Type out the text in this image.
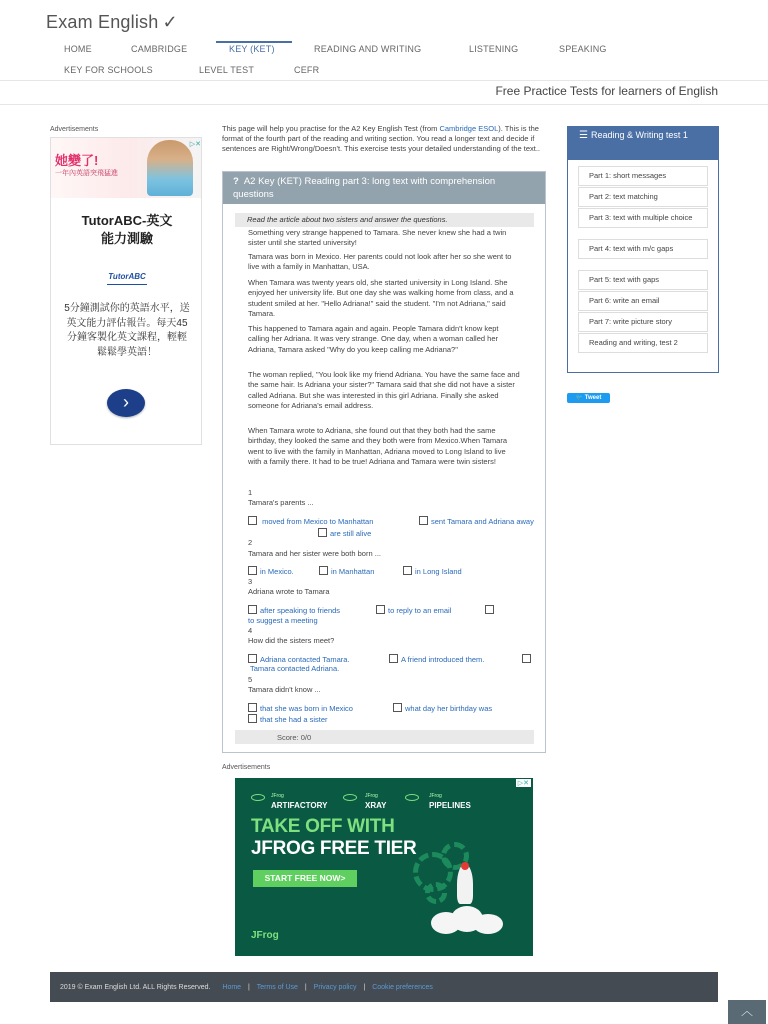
Exam English ✓
HOME	CAMBRIDGE	KEY (KET)	READING AND WRITING	LISTENING	SPEAKING
KEY FOR SCHOOLS	LEVEL TEST	CEFR
Free Practice Tests for learners of English
Advertisements
她變了!
一年內英語突飛猛進
▷✕
TutorABC-英文
能力測驗
TutorABC
5分鐘測試你的英語水平，送英文能力評估報告。每天45分鐘客製化英文課程，輕輕鬆鬆學英語！
›
This page will help you practise for the A2 Key English Test (from Cambridge ESOL). This is the format of the fourth part of the reading and writing section. You read a longer text and decide if sentences are Right/Wrong/Doesn't. This exercise tests your detailed understanding of the text..
? A2 Key (KET) Reading part 3: long text with comprehension questions
Read the article about two sisters and answer the questions.
Something very strange happened to Tamara. She never knew she had a twin sister until she started university!
Tamara was born in Mexico. Her parents could not look after her so she went to live with a family in Manhattan, USA.
When Tamara was twenty years old, she started university in Long Island. She enjoyed her university life. But one day she was walking home from class, and a student smiled at her. "Hello Adriana!" said the student. "I'm not Adriana," said Tamara.
This happened to Tamara again and again. People Tamara didn't know kept calling her Adriana. It was very strange. One day, when a woman called her Adriana, Tamara asked "Why do you keep calling me Adriana?"
The woman replied, "You look like my friend Adriana. You have the same face and the same hair. Is Adriana your sister?" Tamara said that she did not have a sister called Adriana. But she was interested in this girl Adriana. Finally she asked someone for Adriana's email address.
When Tamara wrote to Adriana, she found out that they both had the same birthday, they looked the same and they both were from Mexico.When Tamara went to live with the family in Manhattan, Adriana moved to Long Island to live with a family there. It had to be true! Adriana and Tamara were twin sisters!
1
Tamara's parents ...
moved from Mexico to Manhattan	sent Tamara and Adriana away
are still alive
2
Tamara and her sister were both born ...
in Mexico.	in Manhattan	in Long Island
3
Adriana wrote to Tamara
after speaking to friends	to reply to an email
to suggest a meeting
4
How did the sisters meet?
Adriana contacted Tamara.	A friend introduced them.
Tamara contacted Adriana.
5
Tamara didn't know ...
that she was born in Mexico	what day her birthday was
that she had a sister
Score: 0/0
Advertisements
▷✕
JFrog
ARTIFACTORY
JFrog
XRAY
JFrog
PIPELINES
TAKE OFF WITH
JFROG FREE TIER
START FREE NOW>
JFrog
☰ Reading & Writing test 1
Part 1: short messages
Part 2: text matching
Part 3: text with multiple choice
Part 4: text with m/c gaps
Part 5: text with gaps
Part 6: write an email
Part 7: write picture story
Reading and writing, test 2
🐦 Tweet
2019 © Exam English Ltd. ALL Rights Reserved. Home | Terms of Use | Privacy policy | Cookie preferences
︿
